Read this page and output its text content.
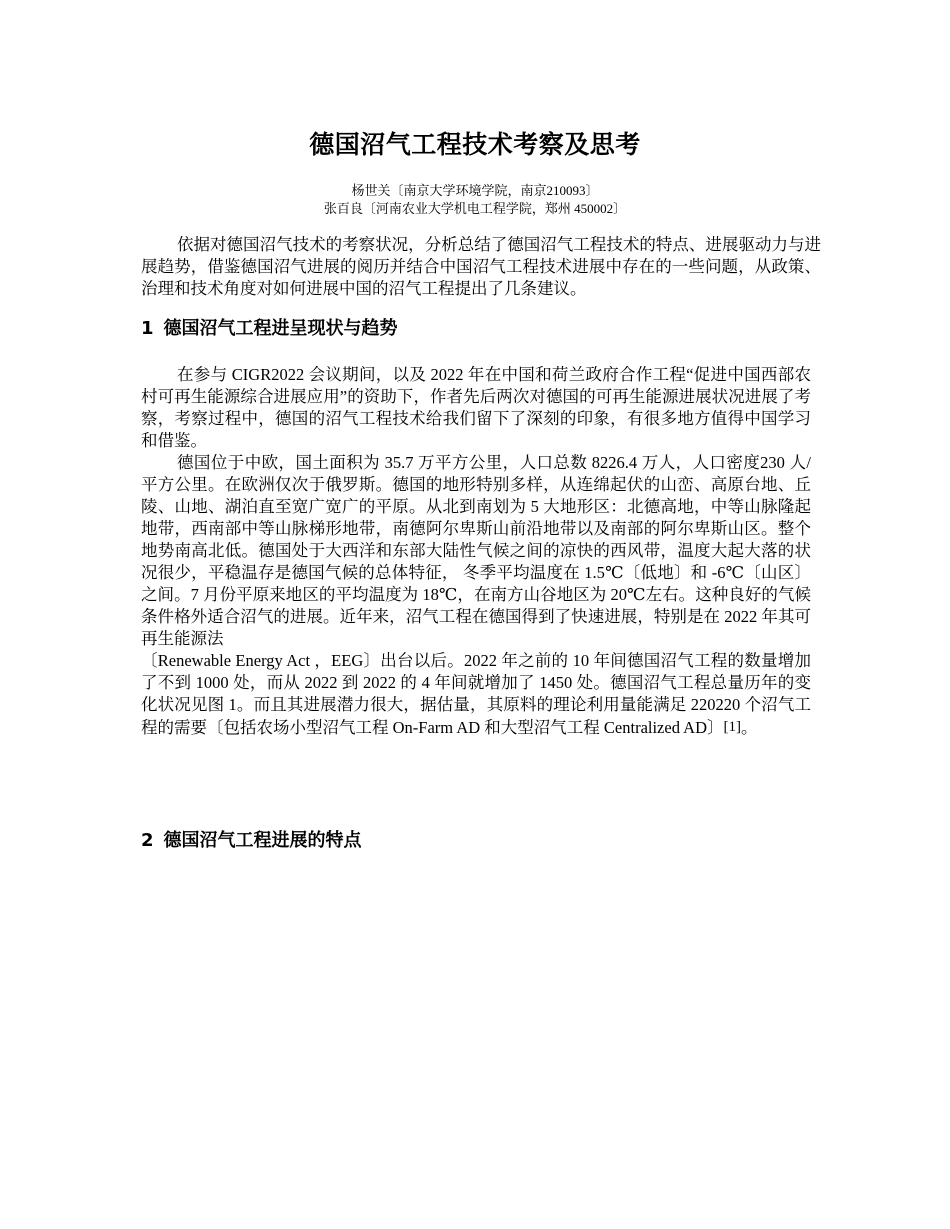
德国沼气工程技术考察及思考
杨世关〔南京大学环境学院，南京210093〕
张百良〔河南农业大学机电工程学院，郑州 450002〕

依据对德国沼气技术的考察状况，分析总结了德国沼气工程技术的特点、进展驱动力与进展趋势，借鉴德国沼气进展的阅历并结合中国沼气工程技术进展中存在的一些问题，从政策、治理和技术角度对如何进展中国的沼气工程提出了几条建议。

1 德国沼气工程进呈现状与趋势

在参与 CIGR2022 会议期间，以及 2022 年在中国和荷兰政府合作工程“促进中国西部农村可再生能源综合进展应用”的资助下，作者先后两次对德国的可再生能源进展状况进展了考察，考察过程中，德国的沼气工程技术给我们留下了深刻的印象，有很多地方值得中国学习和借鉴。

德国位于中欧，国土面积为 35.7 万平方公里，人口总数 8226.4 万人，人口密度230 人/平方公里。在欧洲仅次于俄罗斯。德国的地形特别多样，从连绵起伏的山峦、高原台地、丘陵、山地、湖泊直至宽广宽广的平原。从北到南划为 5 大地形区：北德高地，中等山脉隆起地带，西南部中等山脉梯形地带，南德阿尔卑斯山前沿地带以及南部的阿尔卑斯山区。整个地势南高北低。德国处于大西洋和东部大陆性气候之间的凉快的西风带，温度大起大落的状况很少，平稳温存是德国气候的总体特征， 冬季平均温度在 1.5℃〔低地〕和 -6℃〔山区〕之间。7 月份平原来地区的平均温度为 18℃，在南方山谷地区为 20℃左右。这种良好的气候条件格外适合沼气的进展。近年来，沼气工程在德国得到了快速进展，特别是在 2022 年其可再生能源法

〔Renewable Energy Act ，EEG〕出台以后。2022 年之前的 10 年间德国沼气工程的数量增加了不到 1000 处，而从 2022 到 2022 的 4 年间就增加了 1450 处。德国沼气工程总量历年的变化状况见图 1。而且其进展潜力很大，据估量，其原料的理论利用量能满足 220220 个沼气工程的需要〔包括农场小型沼气工程 On-Farm AD 和大型沼气工程 Centralized AD〕[1]。

2 德国沼气工程进展的特点
